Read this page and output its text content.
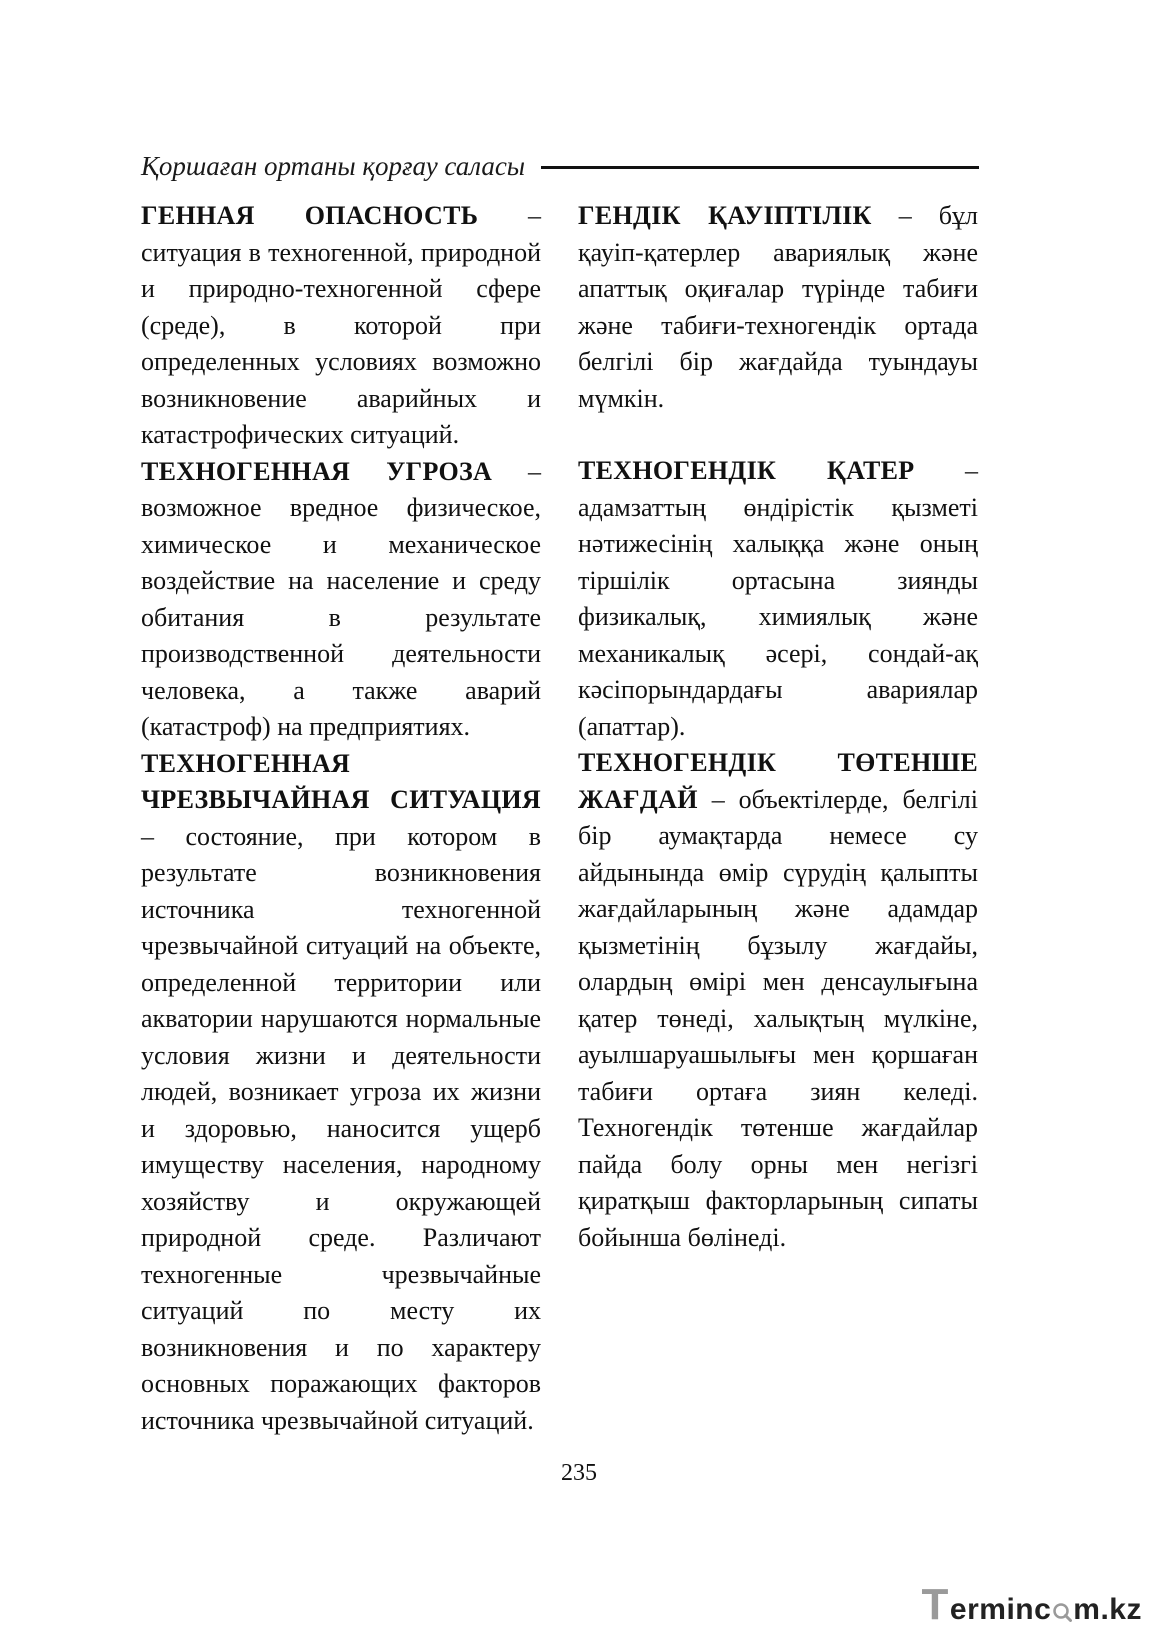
Қоршаған ортаны қорғау саласы

ГЕННАЯ ОПАСНОСТЬ – ситуация в техногенной, природной и природно-техногенной сфере (среде), в которой при определенных условиях возможно возникновение аварийных и катастрофических ситуаций.

ТЕХНОГЕННАЯ УГРОЗА – возможное вредное физическое, химическое и механическое воздействие на население и среду обитания в результате производственной деятельности человека, а также аварий (катастроф) на предприятиях.

ТЕХНОГЕННАЯ ЧРЕЗВЫЧАЙНАЯ СИТУАЦИЯ – состояние, при котором в результате возникновения источника техногенной чрезвычайной ситуаций на объекте, определенной территории или акватории нарушаются нормальные условия жизни и деятельности людей, возникает угроза их жизни и здоровью, наносится ущерб имуществу населения, народному хозяйству и окружающей природной среде. Различают техногенные чрезвычайные ситуаций по месту их возникновения и по характеру основных поражающих факторов источника чрезвычайной ситуаций.

ГЕНДІК ҚАУІПТІЛІК – бұл қауіп-қатерлер авариялық және апаттық оқиғалар түрінде табиғи және табиғи-техногендік ортада белгілі бір жағдайда туындауы мүмкін.

ТЕХНОГЕНДІК ҚАТЕР – адамзаттың өндірістік қызметі нәтижесінің халыққа және оның тіршілік ортасына зиянды физикалық, химиялық және механикалық әсері, сондай-ақ кәсіпорындардағы авариялар (апаттар).

ТЕХНОГЕНДІК ТӨТЕНШЕ ЖАҒДАЙ – объектілерде, белгілі бір аумақтарда немесе су айдынында өмір сүрудің қалыпты жағдайларының және адамдар қызметінің бұзылу жағдайы, олардың өмірі мен денсаулығына қатер төнеді, халықтың мүлкіне, ауылшаруашылығы мен қоршаған табиғи ортаға зиян келеді. Техногендік төтенше жағдайлар пайда болу орны мен негізгі қиратқыш факторларының сипаты бойынша бөлінеді.

235
T ermin c m.kz
